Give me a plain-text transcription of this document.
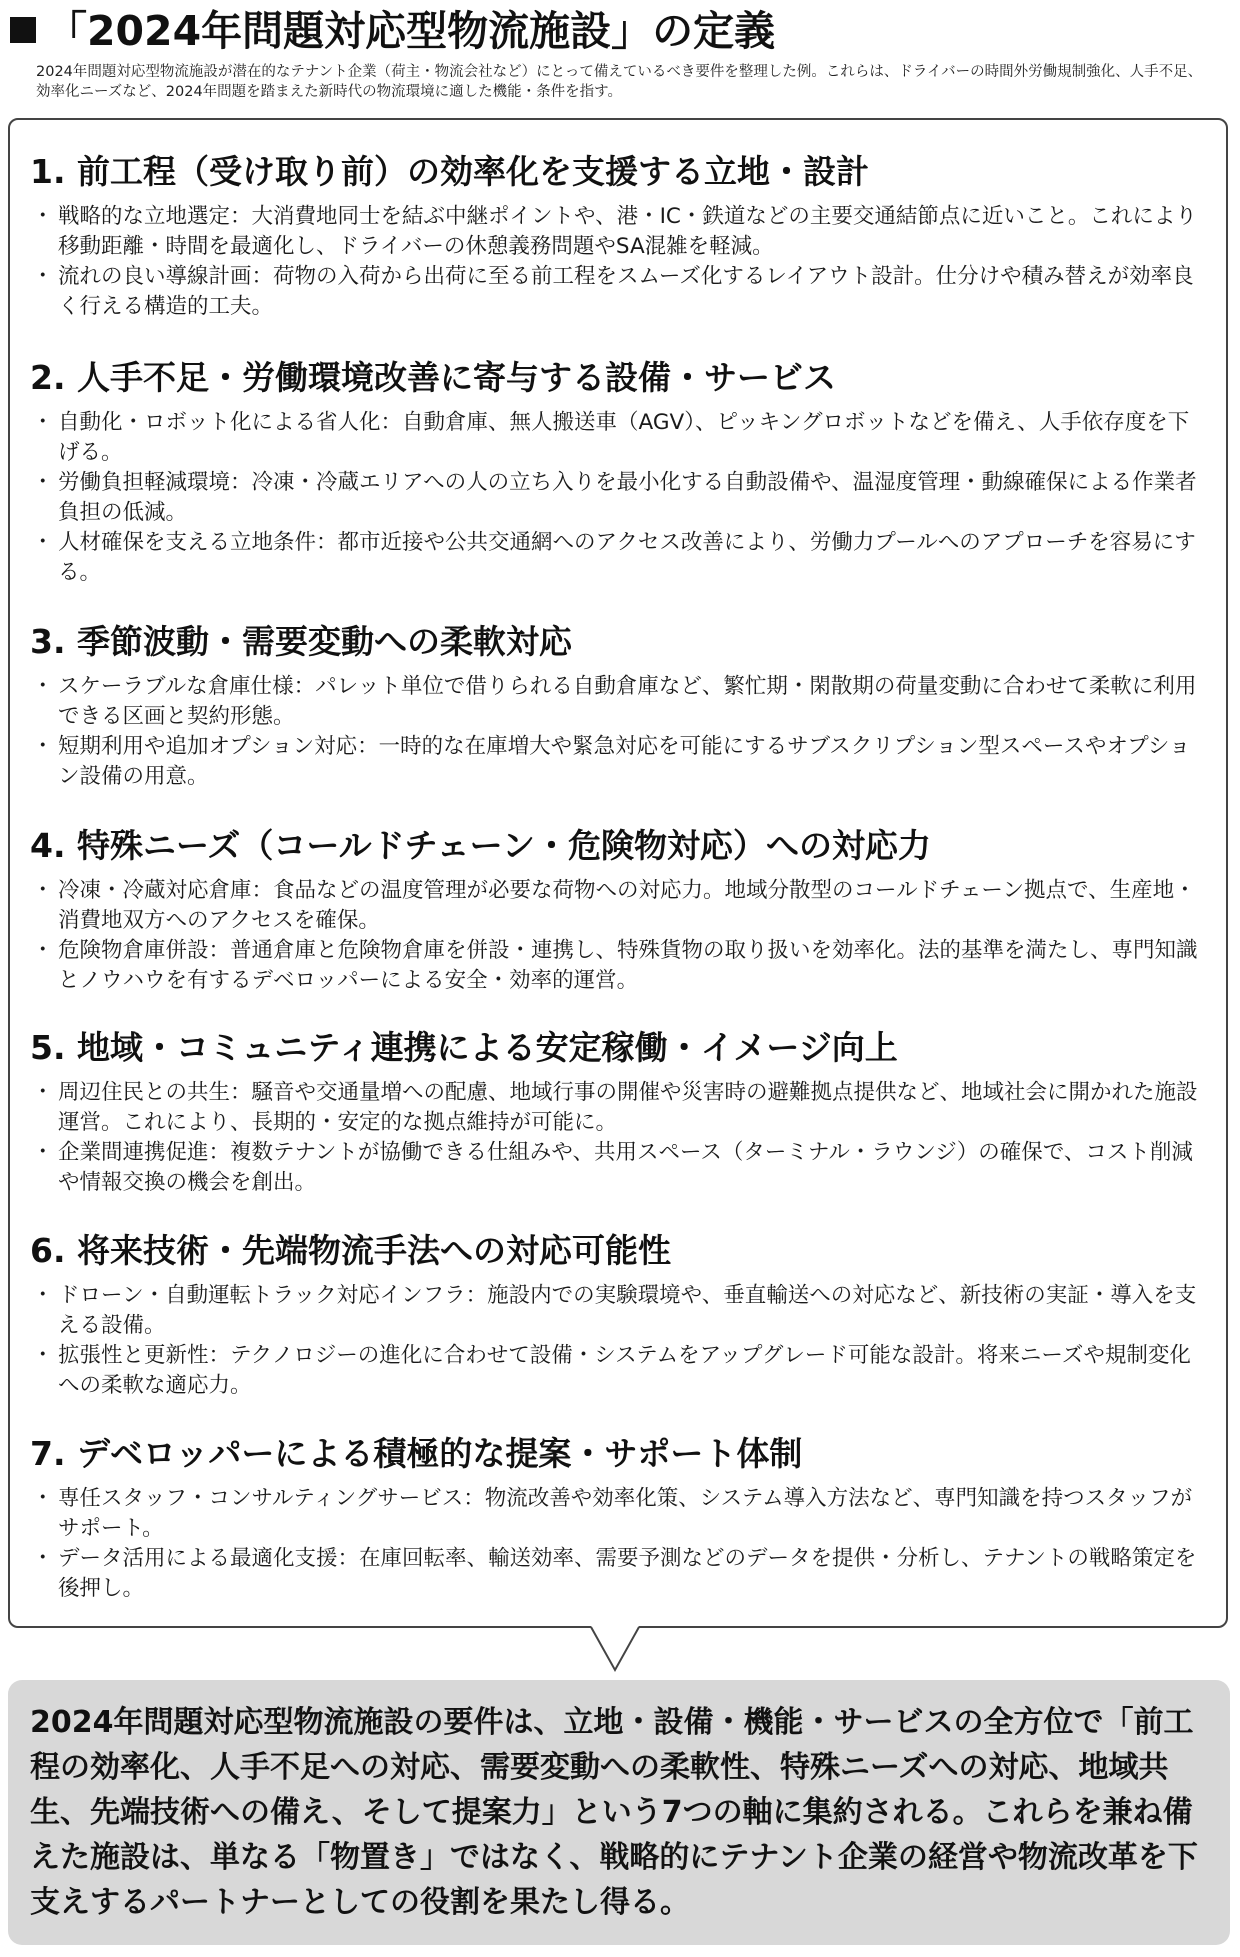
「2024年問題対応型物流施設」の定義
2024年問題対応型物流施設が潜在的なテナント企業（荷主・物流会社など）にとって備えているべき要件を整理した例。これらは、ドライバーの時間外労働規制強化、人手不足、効率化ニーズなど、2024年問題を踏まえた新時代の物流環境に適した機能・条件を指す。
1. 前工程（受け取り前）の効率化を支援する立地・設計
・ 戦略的な立地選定：大消費地同士を結ぶ中継ポイントや、港・IC・鉄道などの主要交通結節点に近いこと。これにより移動距離・時間を最適化し、ドライバーの休憩義務問題やSA混雑を軽減。
・ 流れの良い導線計画：荷物の入荷から出荷に至る前工程をスムーズ化するレイアウト設計。仕分けや積み替えが効率良く行える構造的工夫。
2. 人手不足・労働環境改善に寄与する設備・サービス
・ 自動化・ロボット化による省人化：自動倉庫、無人搬送車（AGV）、ピッキングロボットなどを備え、人手依存度を下げる。
・ 労働負担軽減環境：冷凍・冷蔵エリアへの人の立ち入りを最小化する自動設備や、温湿度管理・動線確保による作業者負担の低減。
・ 人材確保を支える立地条件：都市近接や公共交通網へのアクセス改善により、労働力プールへのアプローチを容易にする。
3. 季節波動・需要変動への柔軟対応
・ スケーラブルな倉庫仕様：パレット単位で借りられる自動倉庫など、繁忙期・閑散期の荷量変動に合わせて柔軟に利用できる区画と契約形態。
・ 短期利用や追加オプション対応：一時的な在庫増大や緊急対応を可能にするサブスクリプション型スペースやオプション設備の用意。
4. 特殊ニーズ（コールドチェーン・危険物対応）への対応力
・ 冷凍・冷蔵対応倉庫：食品などの温度管理が必要な荷物への対応力。地域分散型のコールドチェーン拠点で、生産地・消費地双方へのアクセスを確保。
・ 危険物倉庫併設：普通倉庫と危険物倉庫を併設・連携し、特殊貨物の取り扱いを効率化。法的基準を満たし、専門知識とノウハウを有するデベロッパーによる安全・効率的運営。
5. 地域・コミュニティ連携による安定稼働・イメージ向上
・ 周辺住民との共生：騒音や交通量増への配慮、地域行事の開催や災害時の避難拠点提供など、地域社会に開かれた施設運営。これにより、長期的・安定的な拠点維持が可能に。
・ 企業間連携促進：複数テナントが協働できる仕組みや、共用スペース（ターミナル・ラウンジ）の確保で、コスト削減や情報交換の機会を創出。
6. 将来技術・先端物流手法への対応可能性
・ ドローン・自動運転トラック対応インフラ：施設内での実験環境や、垂直輸送への対応など、新技術の実証・導入を支える設備。
・ 拡張性と更新性：テクノロジーの進化に合わせて設備・システムをアップグレード可能な設計。将来ニーズや規制変化への柔軟な適応力。
7. デベロッパーによる積極的な提案・サポート体制
・ 専任スタッフ・コンサルティングサービス：物流改善や効率化策、システム導入方法など、専門知識を持つスタッフがサポート。
・ データ活用による最適化支援：在庫回転率、輸送効率、需要予測などのデータを提供・分析し、テナントの戦略策定を後押し。
2024年問題対応型物流施設の要件は、立地・設備・機能・サービスの全方位で「前工程の効率化、人手不足への対応、需要変動への柔軟性、特殊ニーズへの対応、地域共生、先端技術への備え、そして提案力」という7つの軸に集約される。これらを兼ね備えた施設は、単なる「物置き」ではなく、戦略的にテナント企業の経営や物流改革を下支えするパートナーとしての役割を果たし得る。
